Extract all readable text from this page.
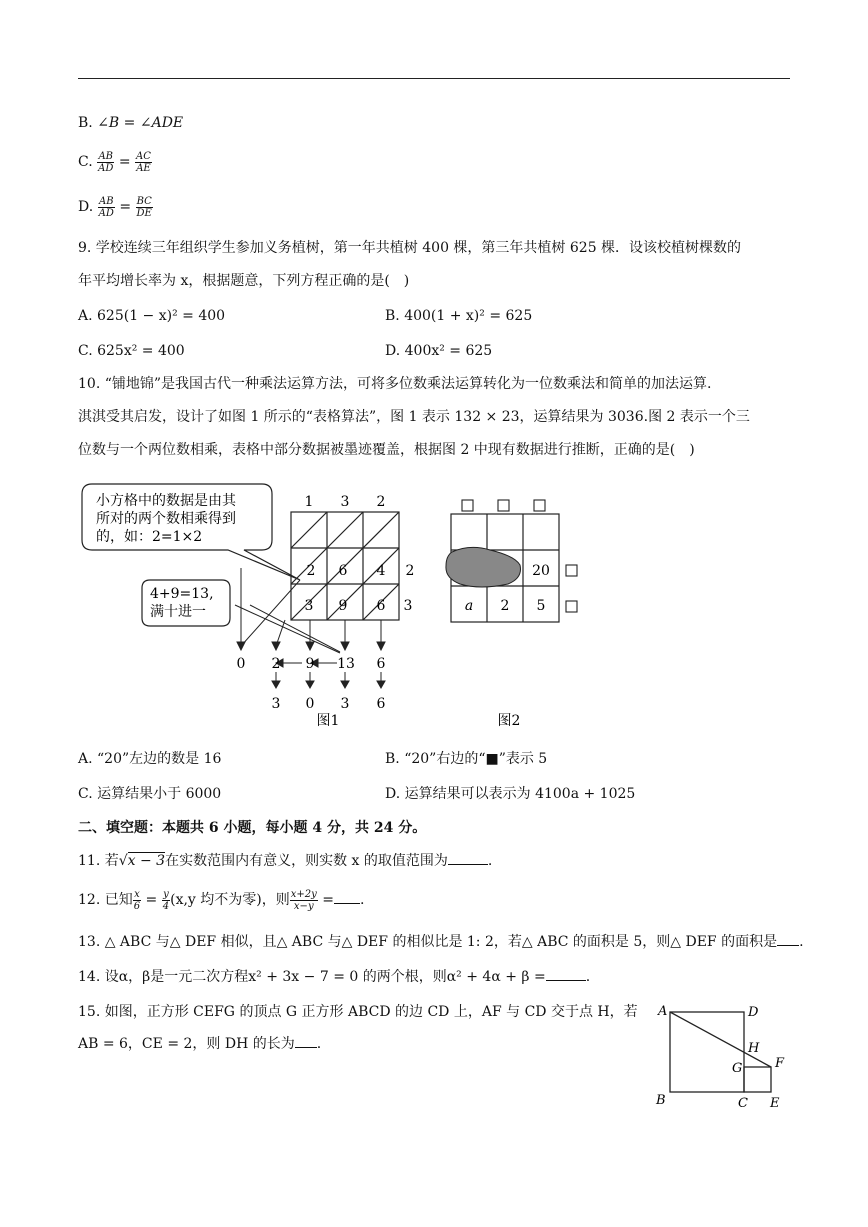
B. ∠B = ∠ADE
C. $\frac{AB}{AD} = \frac{AC}{AE}$
D. $\frac{AB}{AD} = \frac{BC}{DE}$
9. 学校连续三年组织学生参加义务植树，第一年共植树 400 棵，第三年共植树 625 棵．设该校植树棵数的
年平均增长率为 x，根据题意，下列方程正确的是(　)
A. 625(1 − x)² = 400	B. 400(1 + x)² = 625
C. 625x² = 400	D. 400x² = 625
10. “铺地锦”是我国古代一种乘法运算方法，可将多位数乘法运算转化为一位数乘法和简单的加法运算.
淇淇受其启发，设计了如图 1 所示的“表格算法”，图 1 表示 132 × 23，运算结果为 3036.图 2 表示一个三
位数与一个两位数相乘，表格中部分数据被墨迹覆盖，根据图 2 中现有数据进行推断，正确的是(　)
小方格中的数据是由其
所对的两个数相乘得到
的，如：2=1×2
4+9=13,
满十进一
1 3 2
2
3
2 6 4
3 9 6
0 2 9 13 6
3 0 3 6
图1
20
a 2 5
图2
A. “20”左边的数是 16	B. “20”右边的“■”表示 5
C. 运算结果小于 6000	D. 运算结果可以表示为 4100a + 1025
二、填空题：本题共 6 小题，每小题 4 分，共 24 分。
11. 若√x − 3在实数范围内有意义，则实数 x 的取值范围为	.
12. 已知 $\frac{x}{6} = \frac{y}{4} (x,y$ 均不为零)，则 $\frac{x+2y}{x-y}$ = .
13. △ ABC 与△ DEF 相似，且△ ABC 与△ DEF 的相似比是 1: 2，若△ ABC 的面积是 5，则△ DEF 的面积是 .
14. 设α，β是一元二次方程x² + 3x − 7 = 0 的两个根，则α² + 4α + β =	.
15. 如图，正方形 CEFG 的顶点 G 正方形 ABCD 的边 CD 上，AF 与 CD 交于点 H，若
AB = 6，CE = 2，则 DH 的长为 .
A	D
H
G	F
B	C E
